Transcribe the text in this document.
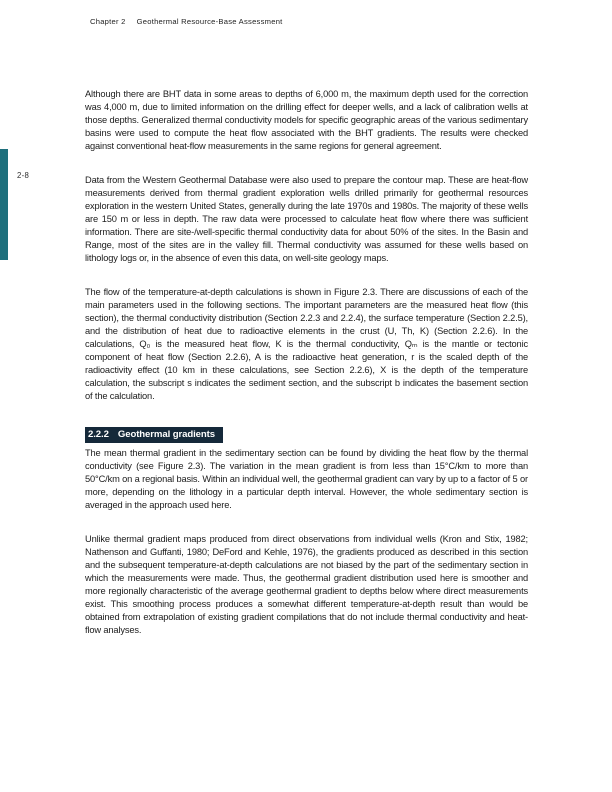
Chapter 2 Geothermal Resource-Base Assessment
2-8

Although there are BHT data in some areas to depths of 6,000 m, the maximum depth used for the correction was 4,000 m, due to limited information on the drilling effect for deeper wells, and a lack of calibration wells at those depths. Generalized thermal conductivity models for specific geographic areas of the various sedimentary basins were used to compute the heat flow associated with the BHT gradients. The results were checked against conventional heat-flow measurements in the same regions for general agreement.

Data from the Western Geothermal Database were also used to prepare the contour map. These are heat-flow measurements derived from thermal gradient exploration wells drilled primarily for geothermal resources exploration in the western United States, generally during the late 1970s and 1980s. The majority of these wells are 150 m or less in depth. The raw data were processed to calculate heat flow where there was sufficient information. There are site-/well-specific thermal conductivity data for about 50% of the sites. In the Basin and Range, most of the sites are in the valley fill. Thermal conductivity was assumed for these wells based on lithology logs or, in the absence of even this data, on well-site geology maps.

The flow of the temperature-at-depth calculations is shown in Figure 2.3. There are discussions of each of the main parameters used in the following sections. The important parameters are the measured heat flow (this section), the thermal conductivity distribution (Section 2.2.3 and 2.2.4), the surface temperature (Section 2.2.5), and the distribution of heat due to radioactive elements in the crust (U, Th, K) (Section 2.2.6). In the calculations, Q₀ is the measured heat flow, K is the thermal conductivity, Qₘ is the mantle or tectonic component of heat flow (Section 2.2.6), A is the radioactive heat generation, r is the scaled depth of the radioactivity effect (10 km in these calculations, see Section 2.2.6), X is the depth of the temperature calculation, the subscript s indicates the sediment section, and the subscript b indicates the basement section of the calculation.

2.2.2 Geothermal gradients

The mean thermal gradient in the sedimentary section can be found by dividing the heat flow by the thermal conductivity (see Figure 2.3). The variation in the mean gradient is from less than 15°C/km to more than 50°C/km on a regional basis. Within an individual well, the geothermal gradient can vary by up to a factor of 5 or more, depending on the lithology in a particular depth interval. However, the whole sedimentary section is averaged in the approach used here.

Unlike thermal gradient maps produced from direct observations from individual wells (Kron and Stix, 1982; Nathenson and Guffanti, 1980; DeFord and Kehle, 1976), the gradients produced as described in this section and the subsequent temperature-at-depth calculations are not biased by the part of the sedimentary section in which the measurements were made. Thus, the geothermal gradient distribution used here is smoother and more regionally characteristic of the average geothermal gradient to depths below where direct measurements exist. This smoothing process produces a somewhat different temperature-at-depth result than would be obtained from extrapolation of existing gradient compilations that do not include thermal conductivity and heat-flow analyses.
